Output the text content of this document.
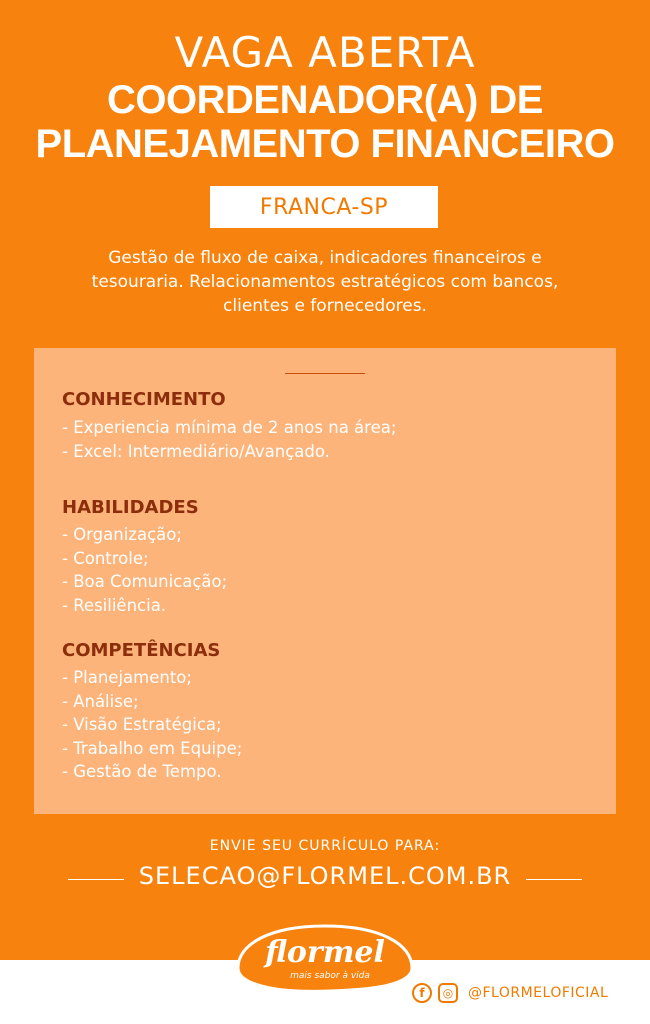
VAGA ABERTA
COORDENADOR(A) DE
PLANEJAMENTO FINANCEIRO
FRANCA-SP
Gestão de fluxo de caixa, indicadores financeiros e
tesouraria. Relacionamentos estratégicos com bancos,
clientes e fornecedores.
CONHECIMENTO
- Experiencia mínima de 2 anos na área;
- Excel: Intermediário/Avançado.
HABILIDADES
- Organização;
- Controle;
- Boa Comunicação;
- Resiliência.
COMPETÊNCIAS
- Planejamento;
- Análise;
- Visão Estratégica;
- Trabalho em Equipe;
- Gestão de Tempo.
ENVIE SEU CURRÍCULO PARA:
SELECAO@FLORMEL.COM.BR
flormel
mais sabor à vida
f	◎	@FLORMELOFICIAL
